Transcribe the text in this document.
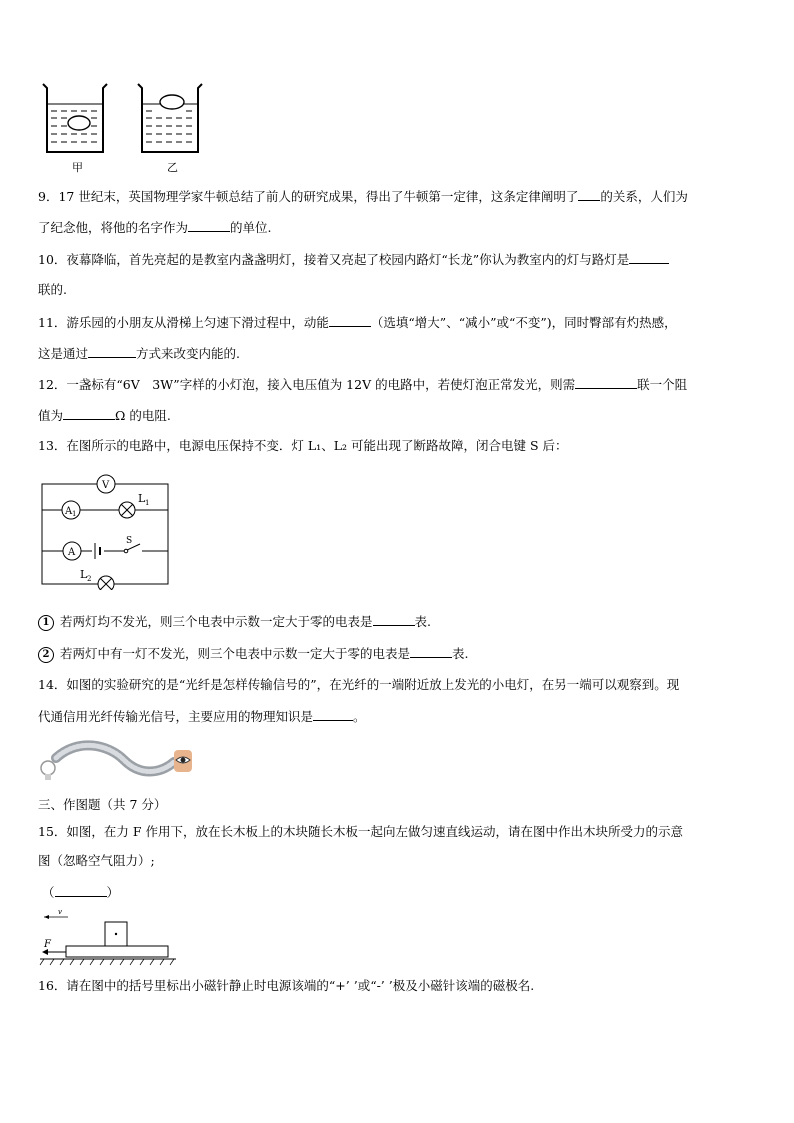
甲	乙
9．17 世纪末，英国物理学家牛顿总结了前人的研究成果，得出了牛顿第一定律，这条定律阐明了 的关系，人们为
了纪念他，将他的名字作为	的单位.
10．夜幕降临，首先亮起的是教室内盏盏明灯，接着又亮起了校园内路灯“长龙”你认为教室内的灯与路灯是
联的.
11．游乐园的小朋友从滑梯上匀速下滑过程中，动能	（选填“增大”、“减小”或“不变”)，同时臀部有灼热感，
这是通过	方式来改变内能的.
12．一盏标有“6V　3W”字样的小灯泡，接入电压值为 12V 的电路中，若使灯泡正常发光，则需	联一个阻
值为	Ω 的电阻.
13．在图所示的电路中，电源电压保持不变．灯 L₁、L₂ 可能出现了断路故障，闭合电键 S 后：
V
A 1
L 1
A
S
L 2
1 若两灯均不发光，则三个电表中示数一定大于零的电表是	表.
2 若两灯中有一灯不发光，则三个电表中示数一定大于零的电表是	表.
14．如图的实验研究的是“光纤是怎样传输信号的”，在光纤的一端附近放上发光的小电灯，在另一端可以观察到。现
代通信用光纤传输光信号，主要应用的物理知识是	。
三、作图题（共 7 分）
15．如图，在力 F 作用下，放在长木板上的木块随长木板一起向左做匀速直线运动，请在图中作出木块所受力的示意
图（忽略空气阻力）;
（	）
v
F
16．请在图中的括号里标出小磁针静止时电源该端的“+’ ’或“-’ ’极及小磁针该端的磁极名.
